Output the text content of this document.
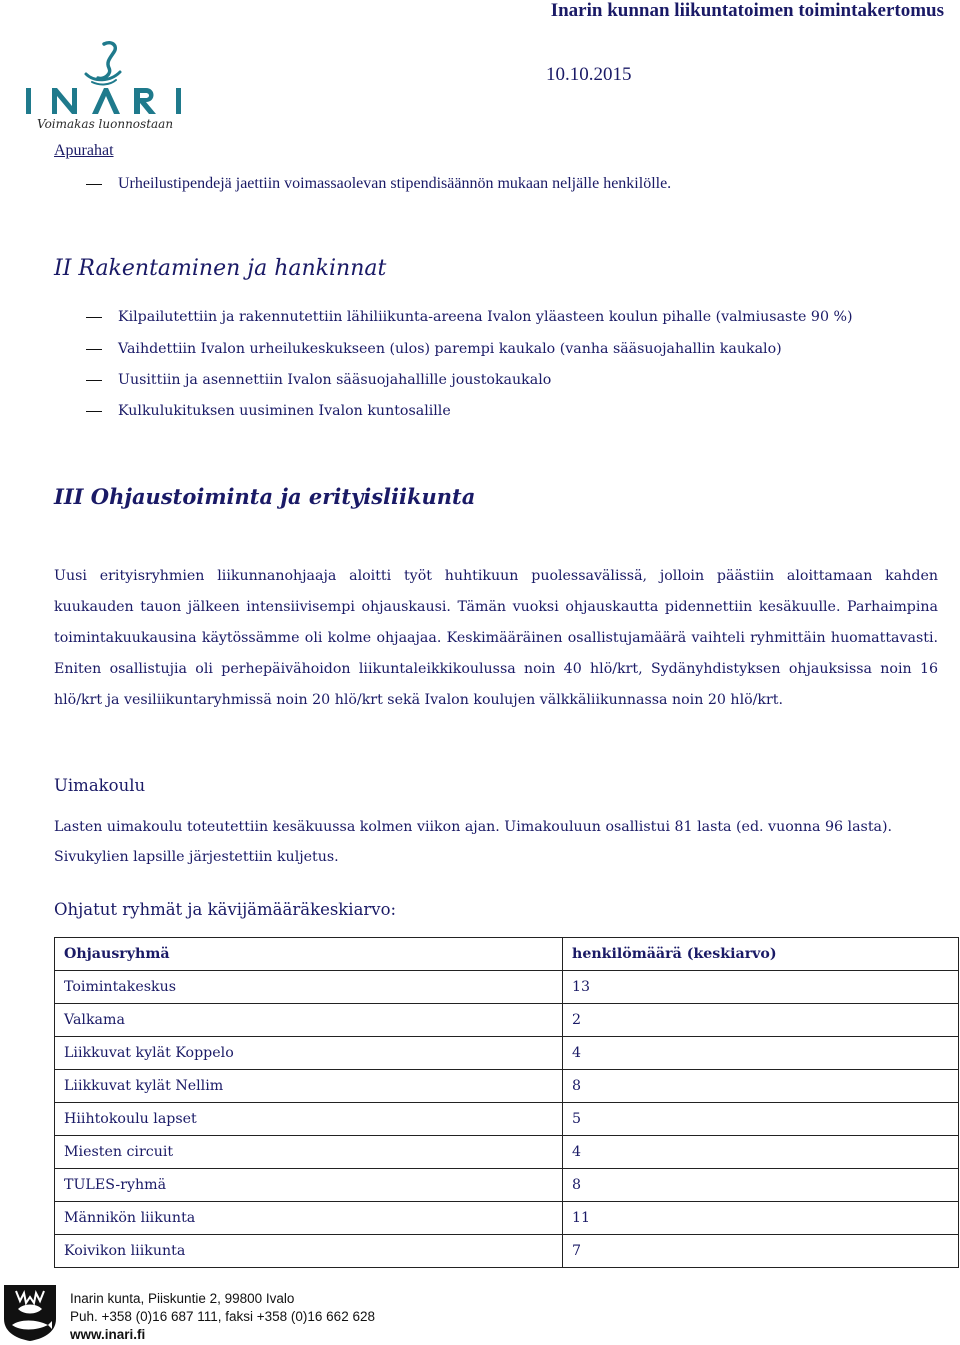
Inarin kunnan liikuntatoimen toimintakertomus
10.10.2015
Voimakas luonnostaan
Apurahat
Urheilustipendejä jaettiin voimassaolevan stipendisäännön mukaan neljälle henkilölle.
II Rakentaminen ja hankinnat
Kilpailutettiin ja rakennutettiin lähiliikunta-areena Ivalon yläasteen koulun pihalle (valmiusaste 90 %)
Vaihdettiin Ivalon urheilukeskukseen (ulos) parempi kaukalo (vanha sääsuojahallin kaukalo)
Uusittiin ja asennettiin Ivalon sääsuojahallille joustokaukalo
Kulkulukituksen uusiminen Ivalon kuntosalille
III Ohjaustoiminta ja erityisliikunta
Uusi erityisryhmien liikunnanohjaaja aloitti työt huhtikuun puolessavälissä, jolloin päästiin aloittamaan kahden kuukauden tauon jälkeen intensiivisempi ohjauskausi. Tämän vuoksi ohjauskautta pidennettiin kesäkuulle. Parhaimpina toimintakuukausina käytössämme oli kolme ohjaajaa. Keskimääräinen osallistujamäärä vaihteli ryhmittäin huomattavasti. Eniten osallistujia oli perhepäivähoidon liikuntaleikkikoulussa noin 40 hlö/krt, Sydänyhdistyksen ohjauksissa noin 16 hlö/krt ja vesiliikuntaryhmissä noin 20 hlö/krt sekä Ivalon koulujen välkkäliikunnassa noin 20 hlö/krt.
Uimakoulu
Lasten uimakoulu toteutettiin kesäkuussa kolmen viikon ajan. Uimakouluun osallistui 81 lasta (ed. vuonna 96 lasta). Sivukylien lapsille järjestettiin kuljetus.
Ohjatut ryhmät ja kävijämääräkeskiarvo:
Ohjausryhmä	henkilömäärä (keskiarvo)
Toimintakeskus	13
Valkama	2
Liikkuvat kylät Koppelo	4
Liikkuvat kylät Nellim	8
Hiihtokoulu lapset	5
Miesten circuit	4
TULES-ryhmä	8
Männikön liikunta	11
Koivikon liikunta	7
Inarin kunta, Piiskuntie 2, 99800 Ivalo
Puh. +358 (0)16 687 111, faksi +358 (0)16 662 628
www.inari.fi
